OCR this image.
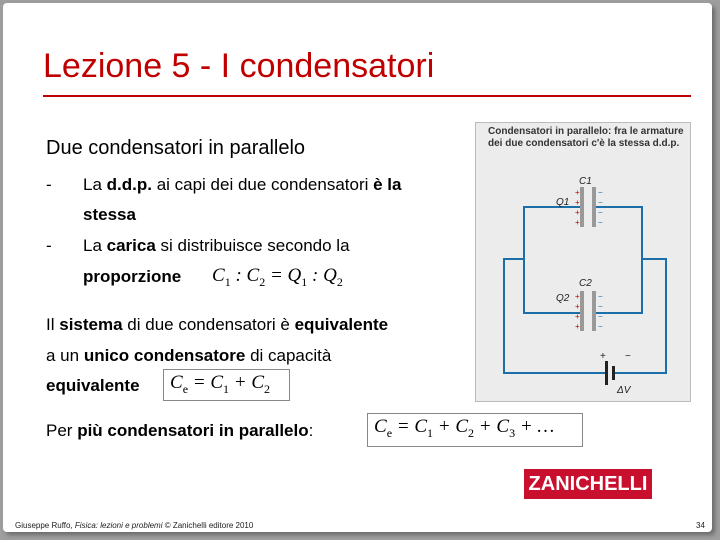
Lezione 5 - I condensatori
Due condensatori in parallelo
- La d.d.p. ai capi dei due condensatori è la
stessa
- La carica si distribuisce secondo la
proporzione $C_1$ : $C_2 = Q_1$ : $Q_2$
Il sistema di due condensatori è equivalente
a un unico condensatore di capacità
equivalente	$C_e = C_1 + C_2$
Per più condensatori in parallelo:	$C_e = C_1 + C_2 + C_3$ + …
Condensatori in parallelo: fra le armature dei due condensatori c'è la stessa d.d.p.
+
+
+
+
−
−
−
−
C1
Q1
+
+
+
+
−
−
−
−
C2
Q2
+ −
ΔV
ZANICHELLI
Giuseppe Ruffo, Fisica: lezioni e problemi © Zanichelli editore 2010	34
